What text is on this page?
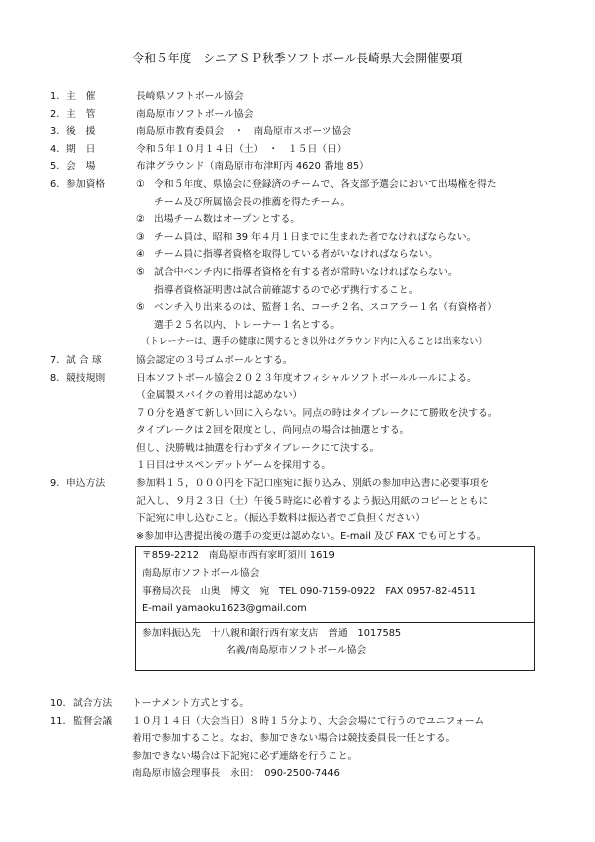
令和５年度　シニアＳＰ秋季ソフトボール長崎県大会開催要項
1. 主　催	長崎県ソフトボール協会
2. 主　管	南島原市ソフトボール協会
3. 後　援	南島原市教育委員会　・　南島原市スポーツ協会
4. 期　日	令和５年１０月１４日（土）　・　１５日（日）
5. 会　場	布津グラウンド（南島原市布津町丙 4620 番地 85）
6. 参加資格	① 令和５年度、県協会に登録済のチームで、各支部予選会において出場権を得た
チーム及び所属協会長の推薦を得たチーム。
② 出場チーム数はオープンとする。
③ チーム員は、昭和 39 年４月１日までに生まれた者でなければならない。
④ チーム員に指導者資格を取得している者がいなければならない。
⑤ 試合中ベンチ内に指導者資格を有する者が常時いなければならない。
指導者資格証明書は試合前確認するので必ず携行すること。
⑤ ベンチ入り出来るのは、監督１名、コーチ２名、スコアラー１名（有資格者）
選手２５名以内、トレーナー１名とする。
（トレーナーは、選手の健康に関するとき以外はグラウンド内に入ることは出来ない）
7. 試 合 球	協会認定の３号ゴムボールとする。
8. 競技規則	日本ソフトボール協会２０２３年度オフィシャルソフトボールルールによる。
（金属製スパイクの着用は認めない）
７０分を過ぎて新しい回に入らない。同点の時はタイブレークにて勝敗を決する。
タイブレークは２回を限度とし、尚同点の場合は抽選とする。
但し、決勝戦は抽選を行わずタイブレークにて決する。
１日目はサスペンデットゲームを採用する。
9. 申込方法	参加料１５，０００円を下記口座宛に振り込み、別紙の参加申込書に必要事項を
記入し、９月２３日（土）午後５時迄に必着するよう振込用紙のコピーとともに
下記宛に申し込むこと。（振込手数料は振込者でご負担ください）
※参加申込書提出後の選手の変更は認めない。E-mail 及び FAX でも可とする。
〒859-2212　南島原市西有家町須川 1619
南島原市ソフトボール協会
事務局次長　山奥　博文　宛　TEL 090-7159-0922　FAX 0957-82-4511
E-mail yamaoku1623@gmail.com
参加料振込先　十八親和銀行西有家支店　普通　1017585
名義/南島原市ソフトボール協会
10. 試合方法	トーナメント方式とする。
11. 監督会議	１０月１４日（大会当日）８時１５分より、大会会場にて行うのでユニフォーム
着用で参加すること。なお、参加できない場合は競技委員長一任とする。
参加できない場合は下記宛に必ず連絡を行うこと。
南島原市協会理事長　永田：　090-2500-7446
